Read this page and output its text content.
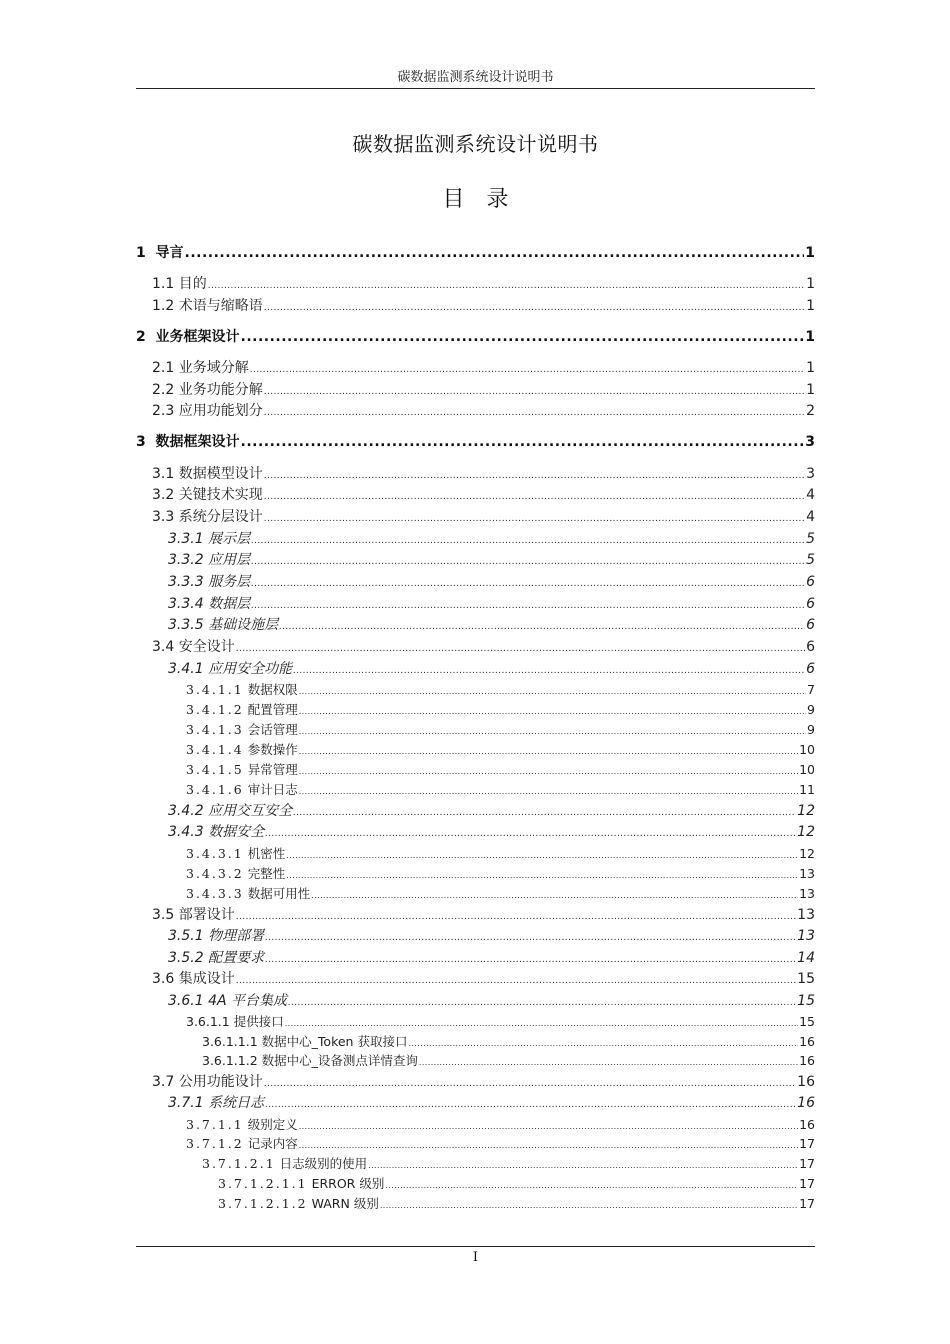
碳数据监测系统设计说明书
碳数据监测系统设计说明书
目录
1 导言 .....	1
1.1 目的 .....	1
1.2 术语与缩略语 .....	1
2 业务框架设计 .....	1
2.1 业务域分解 .....	1
2.2 业务功能分解 .....	1
2.3 应用功能划分 .....	2
3 数据框架设计 .....	3
3.1 数据模型设计 .....	3
3.2 关键技术实现 .....	4
3.3 系统分层设计 .....	4
3.3.1 展示层 .....	5
3.3.2 应用层 .....	5
3.3.3 服务层 .....	6
3.3.4 数据层 .....	6
3.3.5 基础设施层 .....	6
3.4 安全设计 .....	6
3.4.1 应用安全功能 .....	6
3.4.1.1 数据权限 .....	7
3.4.1.2 配置管理 .....	9
3.4.1.3 会话管理 .....	9
3.4.1.4 参数操作 .....	10
3.4.1.5 异常管理 .....	10
3.4.1.6 审计日志 .....	11
3.4.2 应用交互安全 .....	12
3.4.3 数据安全 .....	12
3.4.3.1 机密性 .....	12
3.4.3.2 完整性 .....	13
3.4.3.3 数据可用性 .....	13
3.5 部署设计 .....	13
3.5.1 物理部署 .....	13
3.5.2 配置要求 .....	14
3.6 集成设计 .....	15
3.6.1 4A 平台集成 .....	15
3.6.1.1 提供接口 .....	15
3.6.1.1.1 数据中心_Token 获取接口 .....	16
3.6.1.1.2 数据中心_设备测点详情查询 .....	16
3.7 公用功能设计 .....	16
3.7.1 系统日志 .....	16
3.7.1.1 级别定义 .....	16
3.7.1.2 记录内容 .....	17
3.7.1.2.1 日志级别的使用 .....	17
3.7.1.2.1.1 ERROR 级别 .....	17
3.7.1.2.1.2 WARN 级别 .....	17
I
